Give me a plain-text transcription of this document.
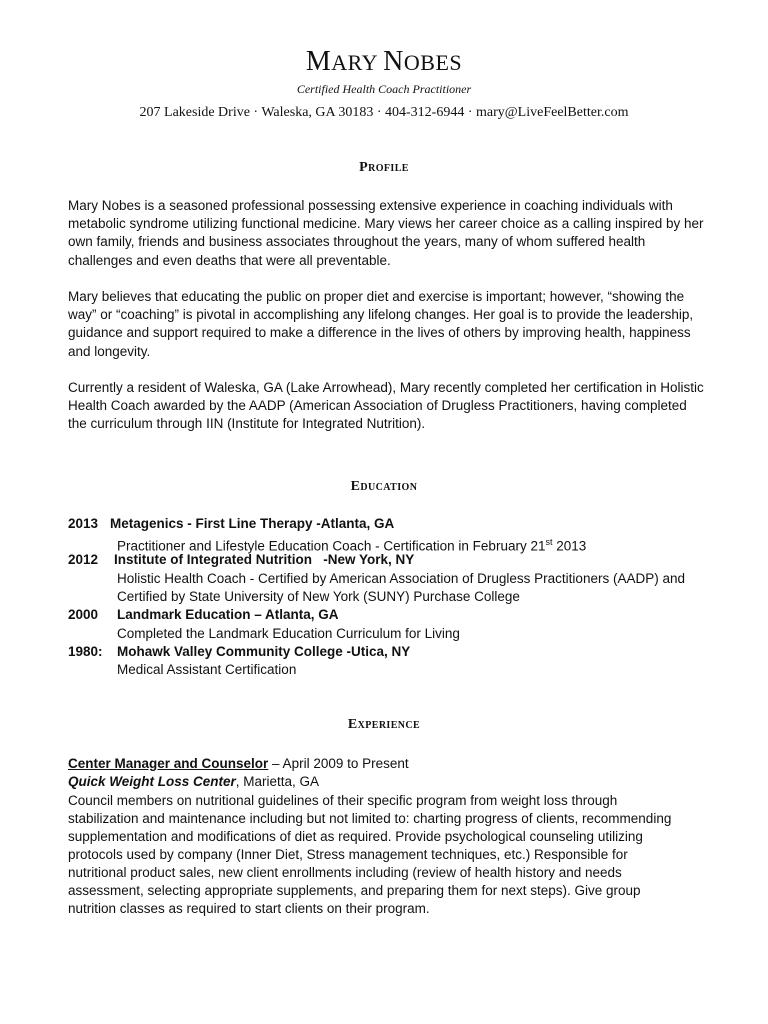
MARY NOBES
Certified Health Coach Practitioner
207 Lakeside Drive · Waleska, GA 30183 · 404-312-6944 · mary@LiveFeelBetter.com
Profile

Mary Nobes is a seasoned professional possessing extensive experience in coaching individuals with metabolic syndrome utilizing functional medicine. Mary views her career choice as a calling inspired by her own family, friends and business associates throughout the years, many of whom suffered health challenges and even deaths that were all preventable.

Mary believes that educating the public on proper diet and exercise is important; however, “showing the way” or “coaching” is pivotal in accomplishing any lifelong changes. Her goal is to provide the leadership, guidance and support required to make a difference in the lives of others by improving health, happiness and longevity.

Currently a resident of Waleska, GA (Lake Arrowhead), Mary recently completed her certification in Holistic Health Coach awarded by the AADP (American Association of Drugless Practitioners, having completed the curriculum through IIN (Institute for Integrated Nutrition).

Education
2013 Metagenics - First Line Therapy -Atlanta, GA
Practitioner and Lifestyle Education Coach - Certification in February 21st 2013
2012 Institute of Integrated Nutrition   -New York, NY
Holistic Health Coach - Certified by American Association of Drugless Practitioners (AADP) and
Certified by State University of New York (SUNY) Purchase College
2000 Landmark Education – Atlanta, GA
Completed the Landmark Education Curriculum for Living
1980: Mohawk Valley Community College -Utica, NY
Medical Assistant Certification
Experience
Center Manager and Counselor – April 2009 to Present
Quick Weight Loss Center, Marietta, GA
Council members on nutritional guidelines of their specific program from weight loss through
stabilization and maintenance including but not limited to: charting progress of clients, recommending
supplementation and modifications of diet as required. Provide psychological counseling utilizing
protocols used by company (Inner Diet, Stress management techniques, etc.) Responsible for
nutritional product sales, new client enrollments including (review of health history and needs
assessment, selecting appropriate supplements, and preparing them for next steps). Give group
nutrition classes as required to start clients on their program.
